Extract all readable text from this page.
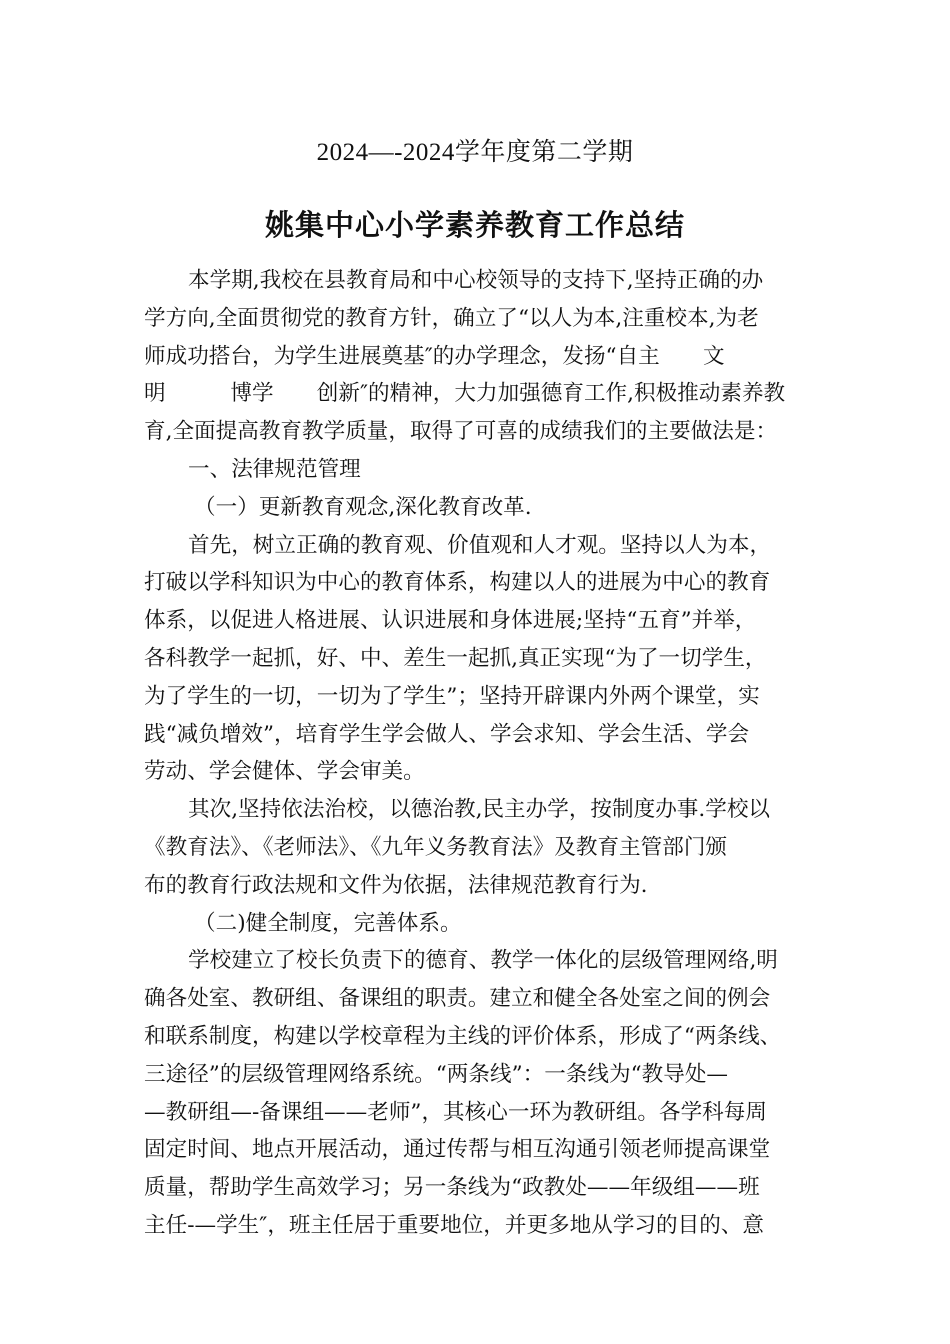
2024—-2024学年度第二学期
姚集中心小学素养教育工作总结
本学期,我校在县教育局和中心校领导的支持下,坚持正确的办
学方向,全面贯彻党的教育方针，确立了“以人为本,注重校本,为老
师成功搭台，为学生进展奠基″的办学理念，发扬“自主　　文
明　　　博学　　创新″的精神，大力加强德育工作,积极推动素养教
育,全面提高教育教学质量，取得了可喜的成绩我们的主要做法是：
一、法律规范管理
（一）更新教育观念,深化教育改革.
首先，树立正确的教育观、价值观和人才观。坚持以人为本，
打破以学科知识为中心的教育体系，构建以人的进展为中心的教育
体系，以促进人格进展、认识进展和身体进展;坚持“五育”并举，
各科教学一起抓，好、中、差生一起抓,真正实现“为了一切学生，
为了学生的一切，一切为了学生”；坚持开辟课内外两个课堂，实
践“减负增效”，培育学生学会做人、学会求知、学会生活、学会
劳动、学会健体、学会审美。
其次,坚持依法治校，以德治教,民主办学，按制度办事.学校以
《教育法》、《老师法》、《九年义务教育法》及教育主管部门颁
布的教育行政法规和文件为依据，法律规范教育行为.
（二)健全制度，完善体系。
学校建立了校长负责下的德育、教学一体化的层级管理网络,明
确各处室、教研组、备课组的职责。建立和健全各处室之间的例会
和联系制度，构建以学校章程为主线的评价体系，形成了“两条线、
三途径”的层级管理网络系统。“两条线”：一条线为“教导处—
—教研组—-备课组——老师”，其核心一环为教研组。各学科每周
固定时间、地点开展活动，通过传帮与相互沟通引领老师提高课堂
质量，帮助学生高效学习；另一条线为“政教处——年级组——班
主任-—学生″，班主任居于重要地位，并更多地从学习的目的、意
